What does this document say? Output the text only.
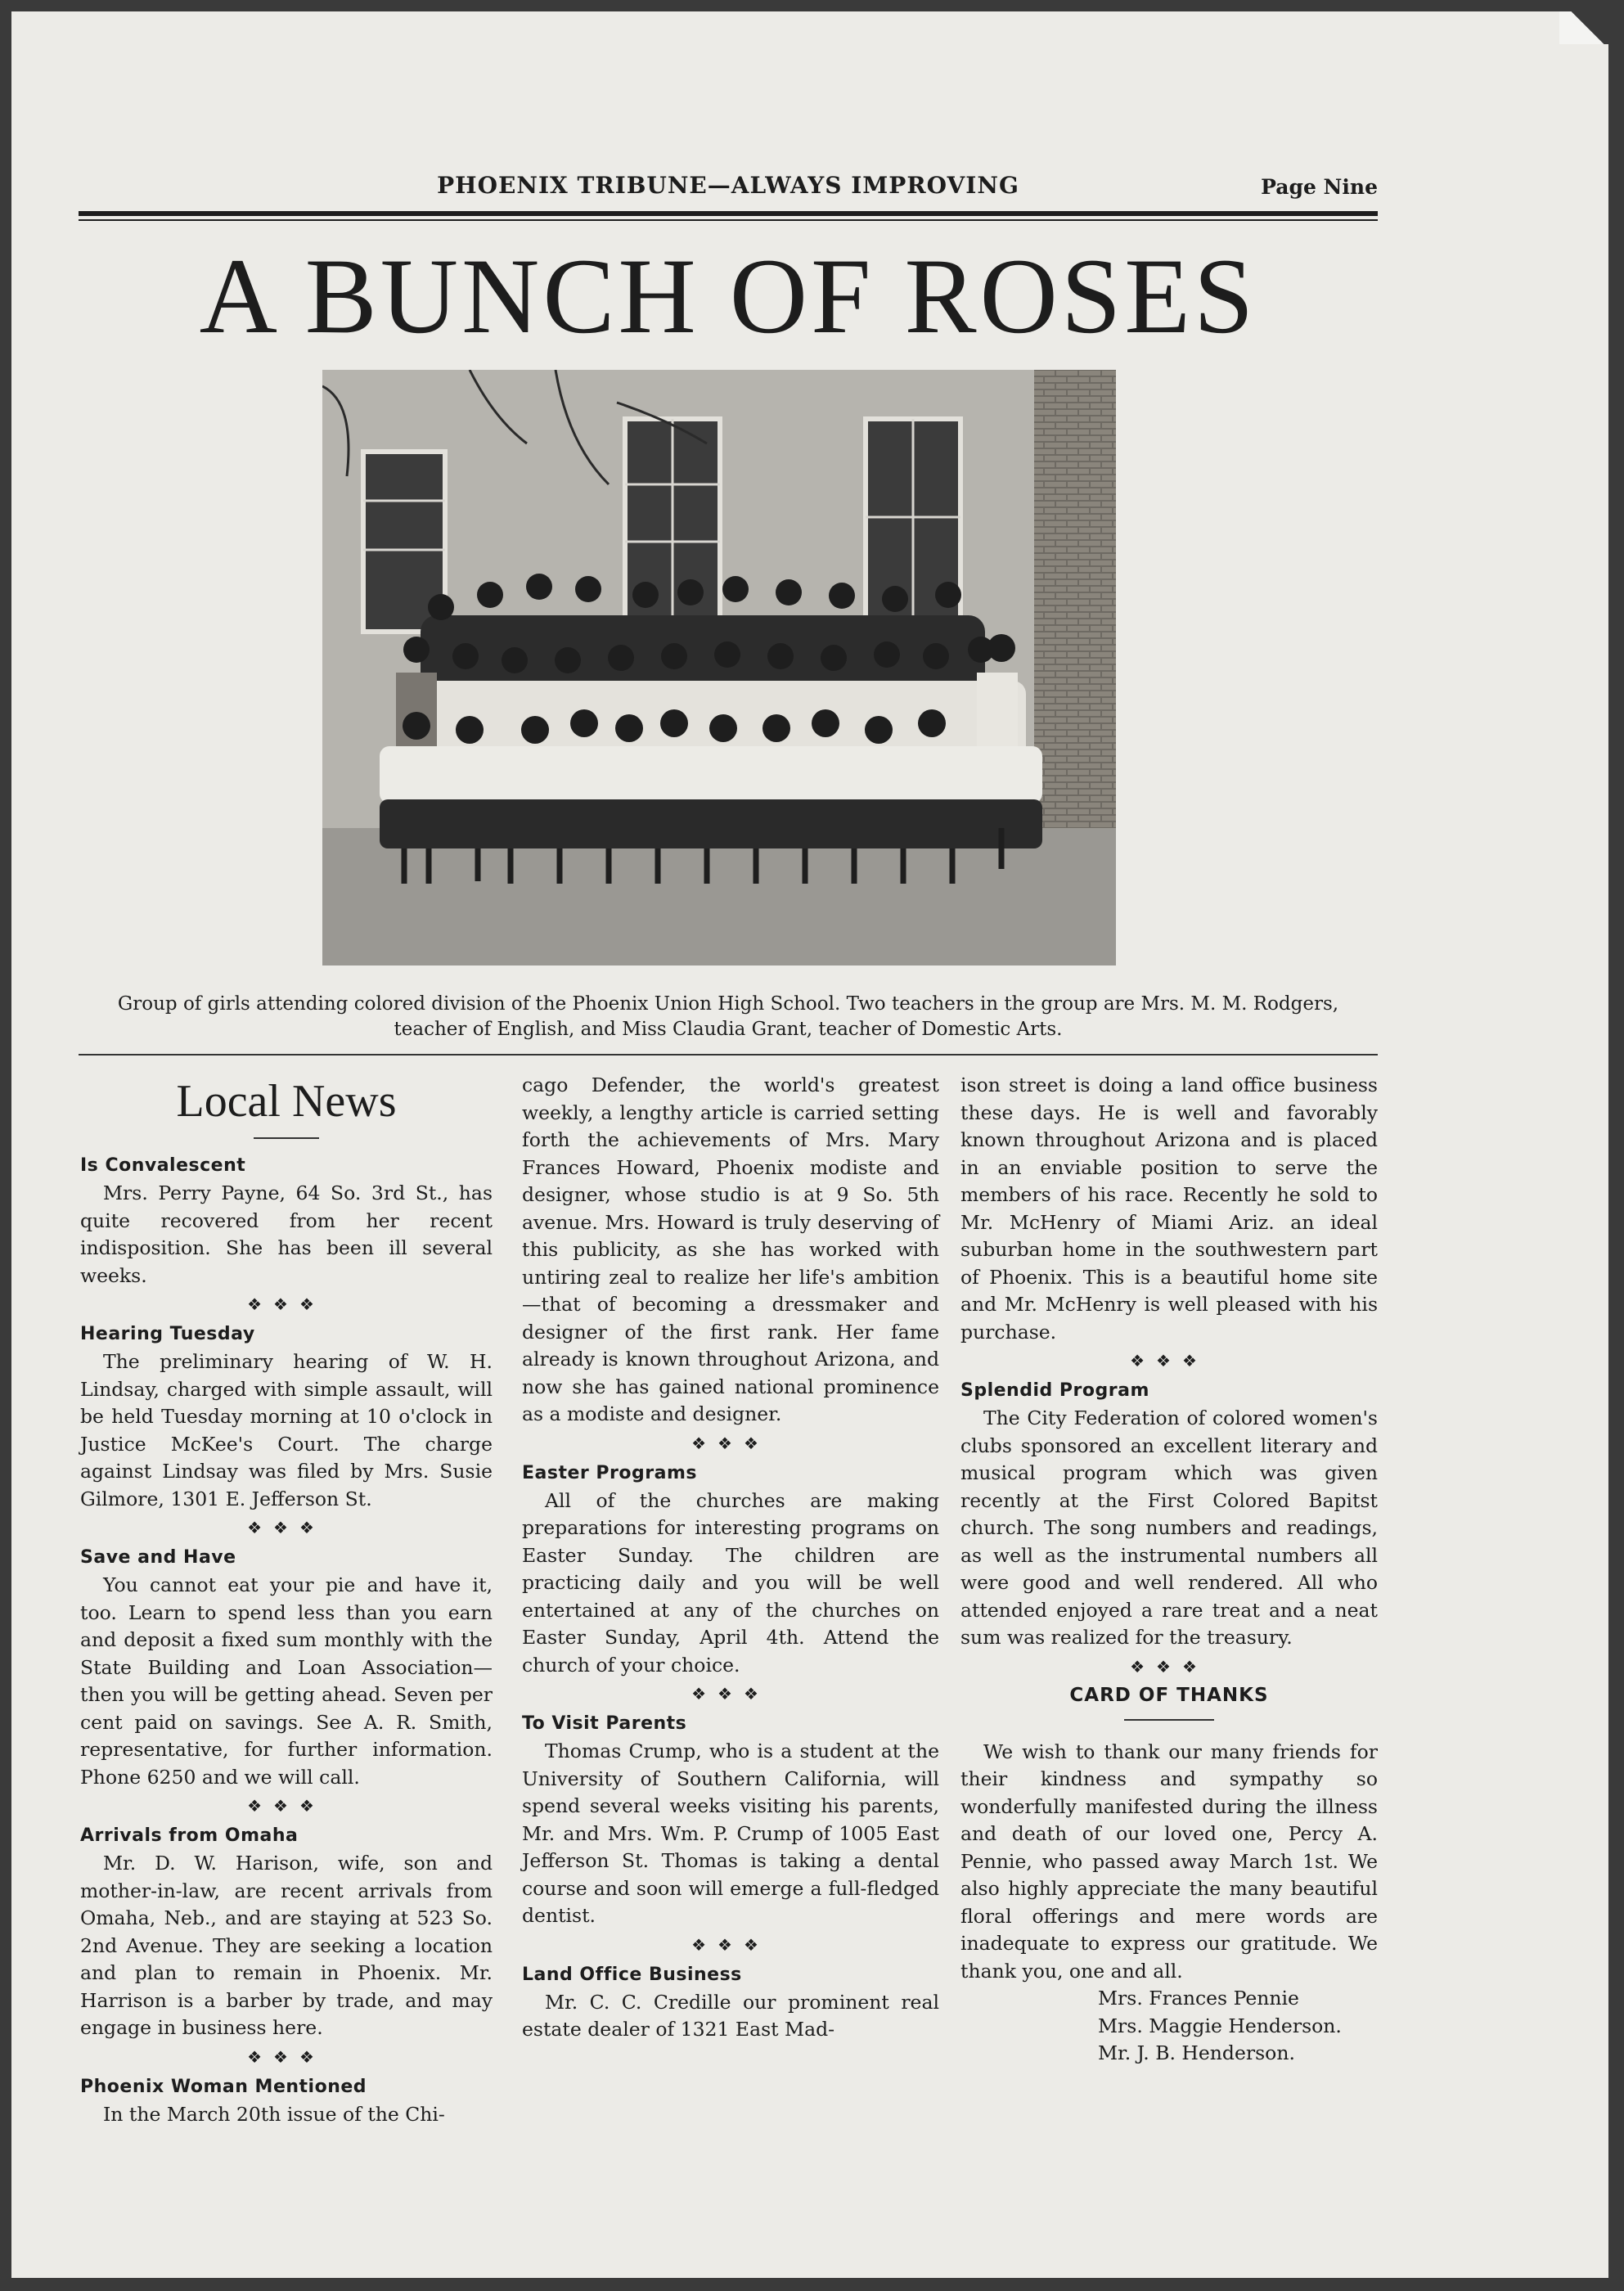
PHOENIX TRIBUNE—ALWAYS IMPROVING	Page Nine
A BUNCH OF ROSES
Group of girls attending colored division of the Phoenix Union High School. Two teachers in the group are Mrs. M. M. Rodgers, teacher of English, and Miss Claudia Grant, teacher of Domestic Arts.
Local News
Is Convalescent

Mrs. Perry Payne, 64 So. 3rd St., has quite recovered from her recent indisposition. She has been ill several weeks.

❖❖❖
Hearing Tuesday

The preliminary hearing of W. H. Lindsay, charged with simple assault, will be held Tuesday morning at 10 o'clock in Justice McKee's Court. The charge against Lindsay was filed by Mrs. Susie Gilmore, 1301 E. Jefferson St.

❖❖❖
Save and Have

You cannot eat your pie and have it, too. Learn to spend less than you earn and deposit a fixed sum monthly with the State Building and Loan Association—then you will be getting ahead. Seven per cent paid on savings. See A. R. Smith, representative, for further information. Phone 6250 and we will call.

❖❖❖
Arrivals from Omaha

Mr. D. W. Harison, wife, son and mother-in-law, are recent arrivals from Omaha, Neb., and are staying at 523 So. 2nd Avenue. They are seeking a location and plan to remain in Phoenix. Mr. Harrison is a barber by trade, and may engage in business here.

❖❖❖
Phoenix Woman Mentioned

In the March 20th issue of the Chi-

cago Defender, the world's greatest weekly, a lengthy article is carried setting forth the achievements of Mrs. Mary Frances Howard, Phoenix modiste and designer, whose studio is at 9 So. 5th avenue. Mrs. Howard is truly deserving of this publicity, as she has worked with untiring zeal to realize her life's ambition —that of becoming a dressmaker and designer of the first rank. Her fame already is known throughout Arizona, and now she has gained national prominence as a modiste and designer.

❖❖❖
Easter Programs

All of the churches are making preparations for interesting programs on Easter Sunday. The children are practicing daily and you will be well entertained at any of the churches on Easter Sunday, April 4th. Attend the church of your choice.

❖❖❖
To Visit Parents

Thomas Crump, who is a student at the University of Southern California, will spend several weeks visiting his parents, Mr. and Mrs. Wm. P. Crump of 1005 East Jefferson St. Thomas is taking a dental course and soon will emerge a full-fledged dentist.

❖❖❖
Land Office Business

Mr. C. C. Credille our prominent real estate dealer of 1321 East Mad-

ison street is doing a land office business these days. He is well and favorably known throughout Arizona and is placed in an enviable position to serve the members of his race. Recently he sold to Mr. McHenry of Miami Ariz. an ideal suburban home in the southwestern part of Phoenix. This is a beautiful home site and Mr. McHenry is well pleased with his purchase.

❖❖❖
Splendid Program

The City Federation of colored women's clubs sponsored an excellent literary and musical program which was given recently at the First Colored Bapitst church. The song numbers and readings, as well as the instrumental numbers all were good and well rendered. All who attended enjoyed a rare treat and a neat sum was realized for the treasury.

❖❖❖
CARD OF THANKS

We wish to thank our many friends for their kindness and sympathy so wonderfully manifested during the illness and death of our loved one, Percy A. Pennie, who passed away March 1st. We also highly appreciate the many beautiful floral offerings and mere words are inadequate to express our gratitude. We thank you, one and all.

Mrs. Frances Pennie

Mrs. Maggie Henderson.

Mr. J. B. Henderson.
